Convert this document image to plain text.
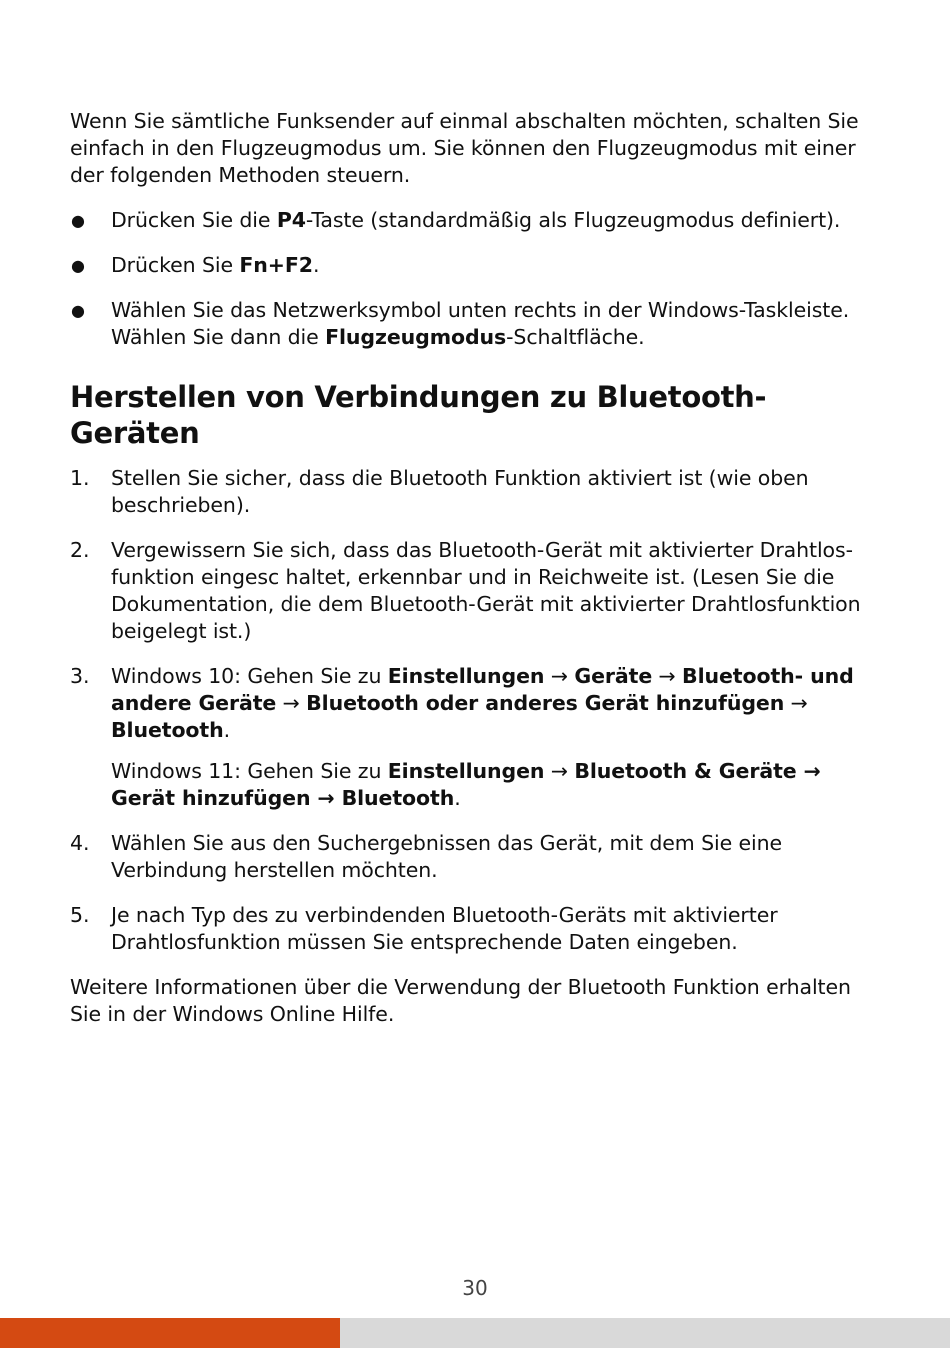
Wenn Sie sämtliche Funksender auf einmal abschalten möchten, schalten Sie einfach in den Flugzeugmodus um. Sie können den Flugzeugmodus mit einer der folgenden Methoden steuern.

●	Drücken Sie die P4-Taste (standardmäßig als Flugzeugmodus definiert).
●	Drücken Sie Fn+F2.
●	Wählen Sie das Netzwerksymbol unten rechts in der Windows-Taskleiste. Wählen Sie dann die Flugzeugmodus-Schaltfläche.
Herstellen von Verbindungen zu Bluetooth-Geräten
1.	Stellen Sie sicher, dass die Bluetooth Funktion aktiviert ist (wie oben beschrieben).
2.	Vergewissern Sie sich, dass das Bluetooth-Gerät mit aktivierter Drahtlos-funktion eingesc haltet, erkennbar und in Reichweite ist. (Lesen Sie die Dokumentation, die dem Bluetooth-Gerät mit aktivierter Drahtlosfunktion beigelegt ist.)
3.	Windows 10: Gehen Sie zu Einstellungen → Geräte → Bluetooth- und andere Geräte → Bluetooth oder anderes Gerät hinzufügen → Bluetooth.

Windows 11: Gehen Sie zu Einstellungen → Bluetooth & Geräte → Gerät hinzufügen → Bluetooth.

4.	Wählen Sie aus den Suchergebnissen das Gerät, mit dem Sie eine Verbindung herstellen möchten.
5.	Je nach Typ des zu verbindenden Bluetooth-Geräts mit aktivierter Drahtlosfunktion müssen Sie entsprechende Daten eingeben.

Weitere Informationen über die Verwendung der Bluetooth Funktion erhalten Sie in der Windows Online Hilfe.

30
